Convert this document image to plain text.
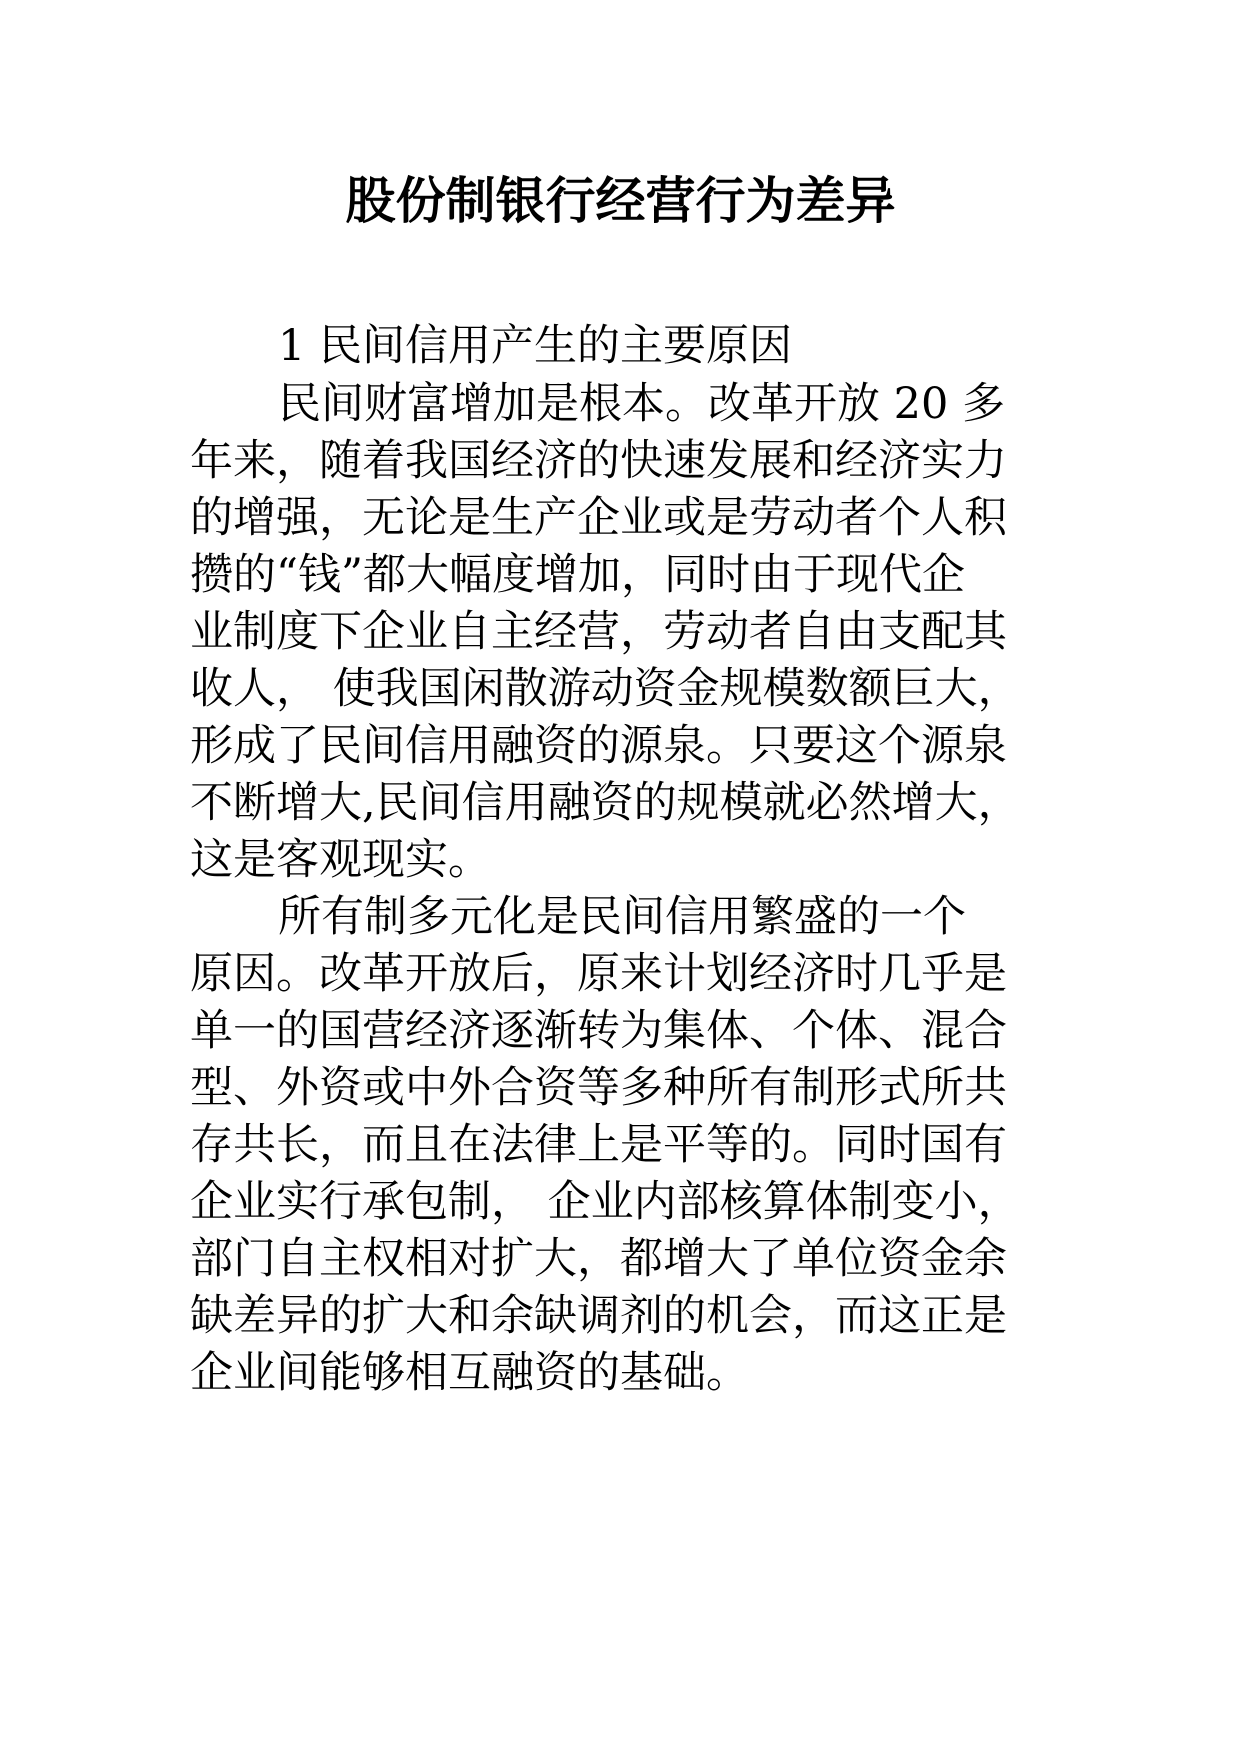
股份制银行经营行为差异

1 民间信用产生的主要原因

民间财富增加是根本。改革开放 20 多

年来，随着我国经济的快速发展和经济实力

的增强，无论是生产企业或是劳动者个人积

攒的“钱”都大幅度增加，同时由于现代企

业制度下企业自主经营，劳动者自由支配其

收人， 使我国闲散游动资金规模数额巨大，

形成了民间信用融资的源泉。只要这个源泉

不断增大,民间信用融资的规模就必然增大，

这是客观现实。

所有制多元化是民间信用繁盛的一个

原因。改革开放后，原来计划经济时几乎是

单一的国营经济逐渐转为集体、个体、混合

型、外资或中外合资等多种所有制形式所共

存共长，而且在法律上是平等的。同时国有

企业实行承包制， 企业内部核算体制变小，

部门自主权相对扩大，都增大了单位资金余

缺差异的扩大和余缺调剂的机会，而这正是

企业间能够相互融资的基础。
